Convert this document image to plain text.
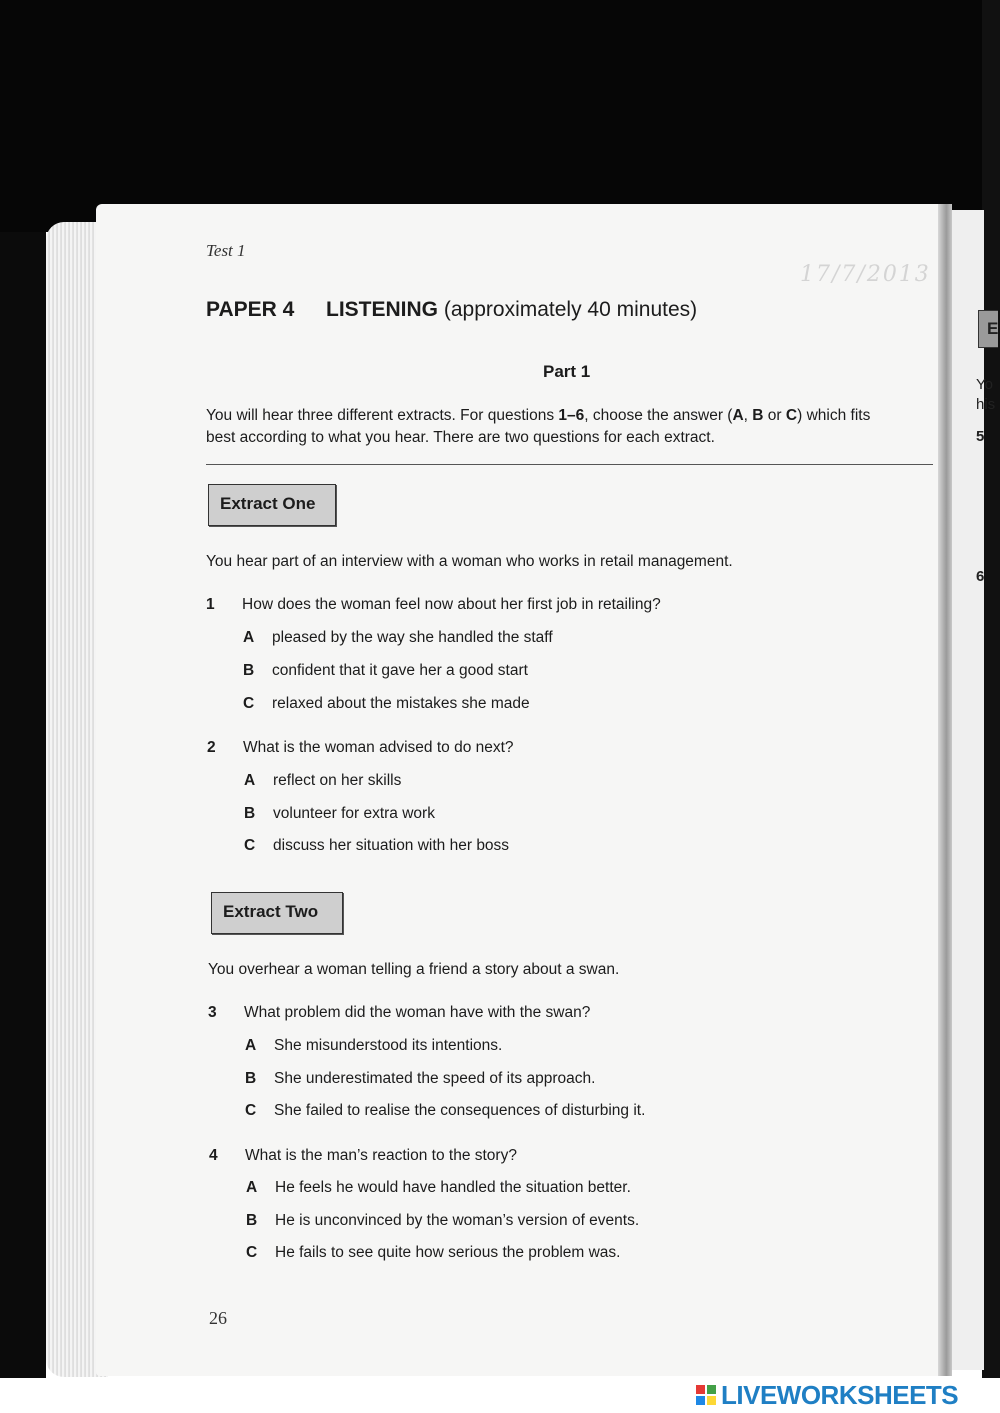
E
Yo
his
5
6
Test 1
17/7/2013
PAPER 4 LISTENING (approximately 40 minutes)
Part 1
You will hear three different extracts. For questions 1–6, choose the answer (A, B or C) which fits
best according to what you hear. There are two questions for each extract.
Extract One
You hear part of an interview with a woman who works in retail management.
1 How does the woman feel now about her first job in retailing?
A pleased by the way she handled the staff
B confident that it gave her a good start
C relaxed about the mistakes she made
2 What is the woman advised to do next?
A reflect on her skills
B volunteer for extra work
C discuss her situation with her boss
Extract Two
You overhear a woman telling a friend a story about a swan.
3 What problem did the woman have with the swan?
A She misunderstood its intentions.
B She underestimated the speed of its approach.
C She failed to realise the consequences of disturbing it.
4 What is the man’s reaction to the story?
A He feels he would have handled the situation better.
B He is unconvinced by the woman’s version of events.
C He fails to see quite how serious the problem was.
26
LIVEWORKSHEETS
